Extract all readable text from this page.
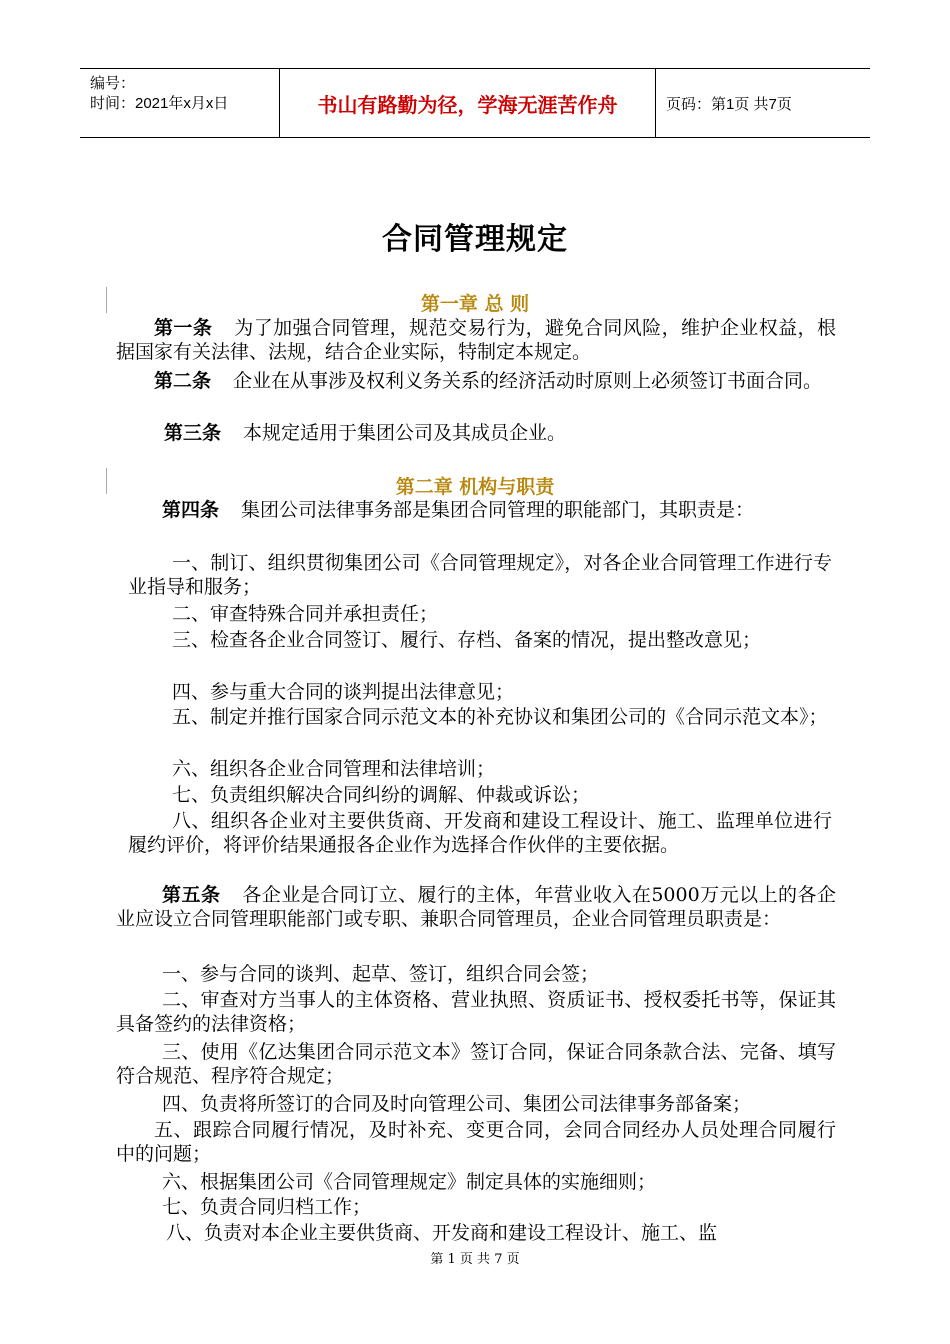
编号：
时间：2021年x月x日	书山有路勤为径，学海无涯苦作舟	页码：第1页 共7页
合同管理规定
第一章 总 则
第一条 为了加强合同管理，规范交易行为，避免合同风险，维护企业权益，根据国家有关法律、法规，结合企业实际，特制定本规定。
第二条 企业在从事涉及权利义务关系的经济活动时原则上必须签订书面合同。
第三条 本规定适用于集团公司及其成员企业。
第二章 机构与职责
第四条 集团公司法律事务部是集团合同管理的职能部门，其职责是：
一、制订、组织贯彻集团公司《合同管理规定》，对各企业合同管理工作进行专业指导和服务；
二、审查特殊合同并承担责任；
三、检查各企业合同签订、履行、存档、备案的情况，提出整改意见；
四、参与重大合同的谈判提出法律意见；
五、制定并推行国家合同示范文本的补充协议和集团公司的《合同示范文本》；
六、组织各企业合同管理和法律培训；
七、负责组织解决合同纠纷的调解、仲裁或诉讼；
八、组织各企业对主要供货商、开发商和建设工程设计、施工、监理单位进行履约评价，将评价结果通报各企业作为选择合作伙伴的主要依据。
第五条 各企业是合同订立、履行的主体，年营业收入在5000万元以上的各企业应设立合同管理职能部门或专职、兼职合同管理员，企业合同管理员职责是：
一、参与合同的谈判、起草、签订，组织合同会签；
二、审查对方当事人的主体资格、营业执照、资质证书、授权委托书等，保证其具备签约的法律资格；
三、使用《亿达集团合同示范文本》签订合同，保证合同条款合法、完备、填写符合规范、程序符合规定；
四、负责将所签订的合同及时向管理公司、集团公司法律事务部备案；
五、跟踪合同履行情况，及时补充、变更合同，会同合同经办人员处理合同履行中的问题；
六、根据集团公司《合同管理规定》制定具体的实施细则；
七、负责合同归档工作；
八、负责对本企业主要供货商、开发商和建设工程设计、施工、监
第 1 页 共 7 页
